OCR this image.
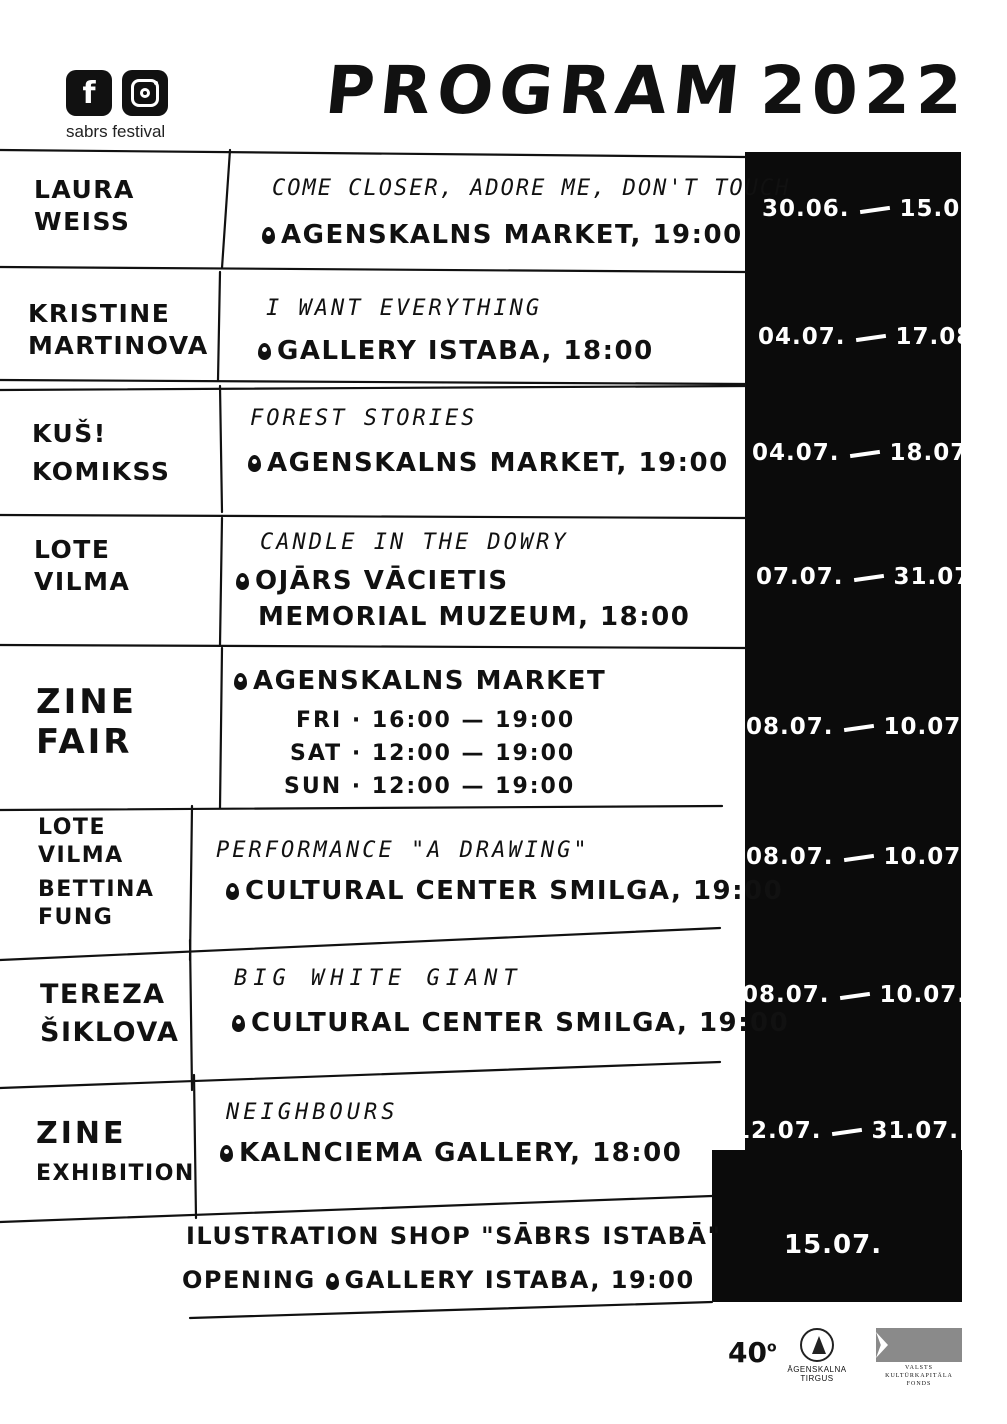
f
sabrs festival
PROGRAM 2022
LAURA
WEISS
COME CLOSER, ADORE ME, DON'T TOUCH
AGENSKALNS MARKET, 19:00
30.06. 15.07.
KRISTINE
MARTINOVA
I WANT EVERYTHING
GALLERY ISTABA, 18:00	04.07. 17.08.
KUŠ!
KOMIKSS
FOREST STORIES
AGENSKALNS MARKET, 19:00 04.07. 18.07.
LOTE
VILMA
CANDLE IN THE DOWRY
OJĀRS VĀCIETIS
MEMORIAL MUZEUM, 18:00
07.07. 31.07.
ZINE
FAIR
AGENSKALNS MARKET
FRI · 16:00 — 19:00
SAT · 12:00 — 19:00
SUN · 12:00 — 19:00
08.07. 10.07.
LOTE
VILMA
BETTINA
FUNG
PERFORMANCE "A DRAWING"
CULTURAL CENTER SMILGA, 19:00
08.07. 10.07.
TEREZA
ŠIKLOVA
BIG WHITE GIANT
CULTURAL CENTER SMILGA, 19:00
08.07. 10.07.
ZINE
EXHIBITION
NEIGHBOURS
KALNCIEMA GALLERY, 18:00
12.07. 31.07.
ILUSTRATION SHOP "SĀBRS ISTABĀ"
OPENING GALLERY ISTABA, 19:00
15.07.
40$^o$
ĀGENSKALNA TIRGUS
VALSTS
KULTŪRKAPITĀLA FONDS
